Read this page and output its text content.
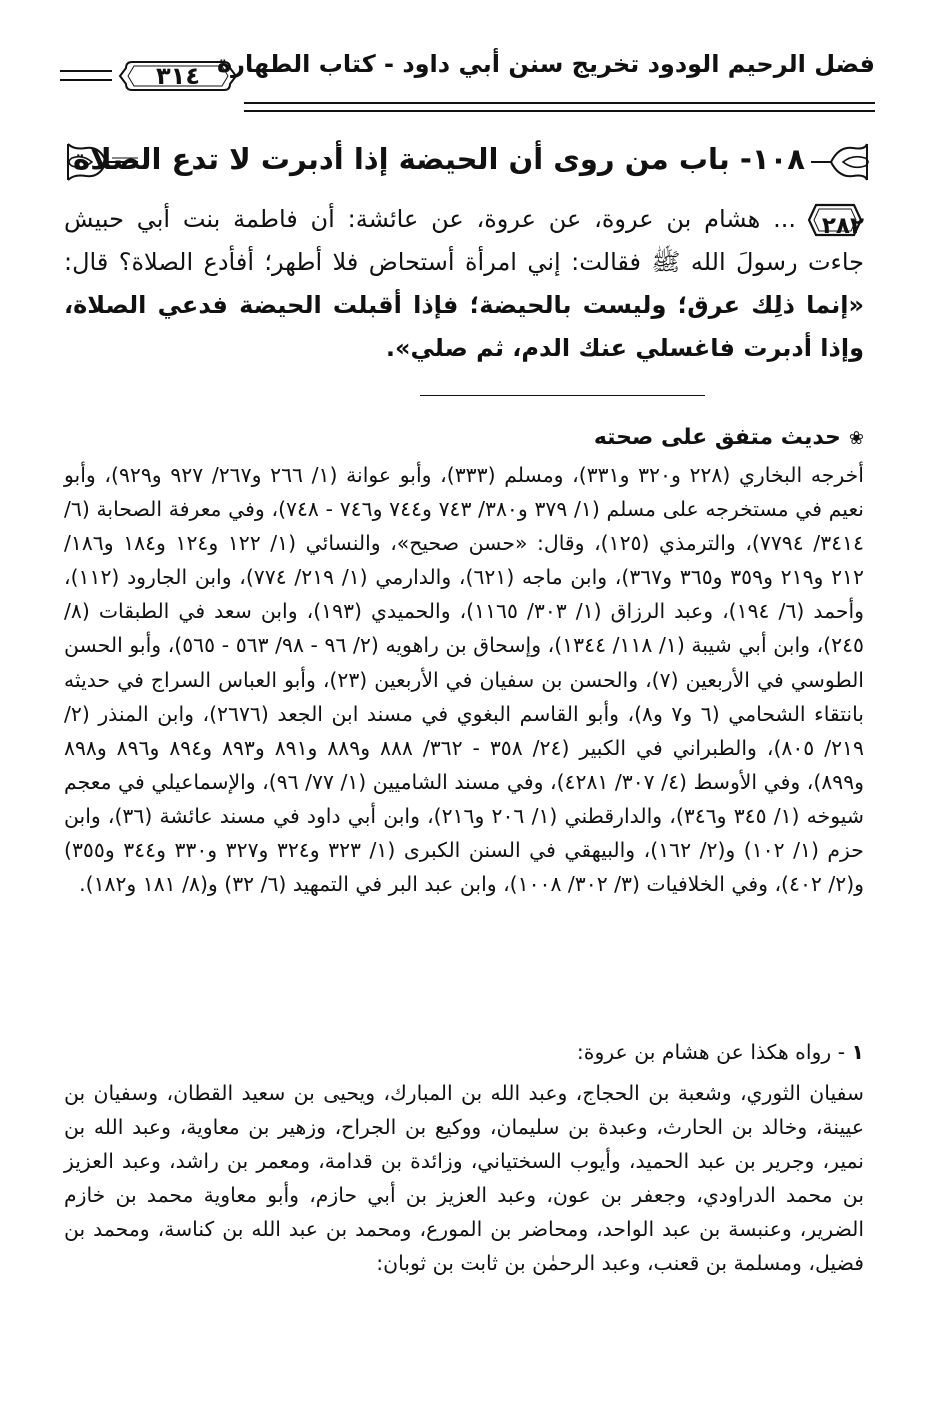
فضل الرحيم الودود تخريج سنن أبي داود - كتاب الطهارة
٣١٤
١٠٨- باب من روى أن الحيضة إذا أدبرت لا تدع الصلاة
٢٨٢
... هشام بن عروة، عن عروة، عن عائشة: أن فاطمة بنت أبي حبيش جاءت رسولَ الله ﷺ فقالت: إني امرأة أستحاض فلا أطهر؛ أفأدع الصلاة؟ قال: «إنما ذلِك عرق؛ وليست بالحيضة؛ فإذا أقبلت الحيضة فدعي الصلاة، وإذا أدبرت فاغسلي عنك الدم، ثم صلي».
❀حديث متفق على صحته

أخرجه البخاري (٢٢٨ و٣٢٠ و٣٣١)، ومسلم (٣٣٣)، وأبو عوانة (١/ ٢٦٦ و٢٦٧/ ٩٢٧ و٩٢٩)، وأبو نعيم في مستخرجه على مسلم (١/ ٣٧٩ و٣٨٠/ ٧٤٣ و٧٤٤ و٧٤٦ - ٧٤٨)، وفي معرفة الصحابة (٦/ ٣٤١٤/ ٧٧٩٤)، والترمذي (١٢٥)، وقال: «حسن صحيح»، والنسائي (١/ ١٢٢ و١٢٤ و١٨٤ و١٨٦/ ٢١٢ و٢١٩ و٣٥٩ و٣٦٥ و٣٦٧)، وابن ماجه (٦٢١)، والدارمي (١/ ٢١٩/ ٧٧٤)، وابن الجارود (١١٢)، وأحمد (٦/ ١٩٤)، وعبد الرزاق (١/ ٣٠٣/ ١١٦٥)، والحميدي (١٩٣)، وابن سعد في الطبقات (٨/ ٢٤٥)، وابن أبي شيبة (١/ ١١٨/ ١٣٤٤)، وإسحاق بن راهويه (٢/ ٩٦ - ٩٨/ ٥٦٣ - ٥٦٥)، وأبو الحسن الطوسي في الأربعين (٧)، والحسن بن سفيان في الأربعين (٢٣)، وأبو العباس السراج في حديثه بانتقاء الشحامي (٦ و٧ و٨)، وأبو القاسم البغوي في مسند ابن الجعد (٢٦٧٦)، وابن المنذر (٢/ ٢١٩/ ٨٠٥)، والطبراني في الكبير (٢٤/ ٣٥٨ - ٣٦٢/ ٨٨٨ و٨٨٩ و٨٩١ و٨٩٣ و٨٩٤ و٨٩٦ و٨٩٨ و٨٩٩)، وفي الأوسط (٤/ ٣٠٧/ ٤٢٨١)، وفي مسند الشاميين (١/ ٧٧/ ٩٦)، والإسماعيلي في معجم شيوخه (١/ ٣٤٥ و٣٤٦)، والدارقطني (١/ ٢٠٦ و٢١٦)، وابن أبي داود في مسند عائشة (٣٦)، وابن حزم (١/ ١٠٢) و(٢/ ١٦٢)، والبيهقي في السنن الكبرى (١/ ٣٢٣ و٣٢٤ و٣٢٧ و٣٣٠ و٣٤٤ و٣٥٥) و(٢/ ٤٠٢)، وفي الخلافيات (٣/ ٣٠٢/ ١٠٠٨)، وابن عبد البر في التمهيد (٦/ ٣٢) و(٨/ ١٨١ و١٨٢).

١ - رواه هكذا عن هشام بن عروة:

سفيان الثوري، وشعبة بن الحجاج، وعبد الله بن المبارك، ويحيى بن سعيد القطان، وسفيان بن عيينة، وخالد بن الحارث، وعبدة بن سليمان، ووكيع بن الجراح، وزهير بن معاوية، وعبد الله بن نمير، وجرير بن عبد الحميد، وأيوب السختياني، وزائدة بن قدامة، ومعمر بن راشد، وعبد العزيز بن محمد الدراودي، وجعفر بن عون، وعبد العزيز بن أبي حازم، وأبو معاوية محمد بن خازم الضرير، وعنبسة بن عبد الواحد، ومحاضر بن المورع، ومحمد بن عبد الله بن كناسة، ومحمد بن فضيل، ومسلمة بن قعنب، وعبد الرحمٰن بن ثابت بن ثوبان:
